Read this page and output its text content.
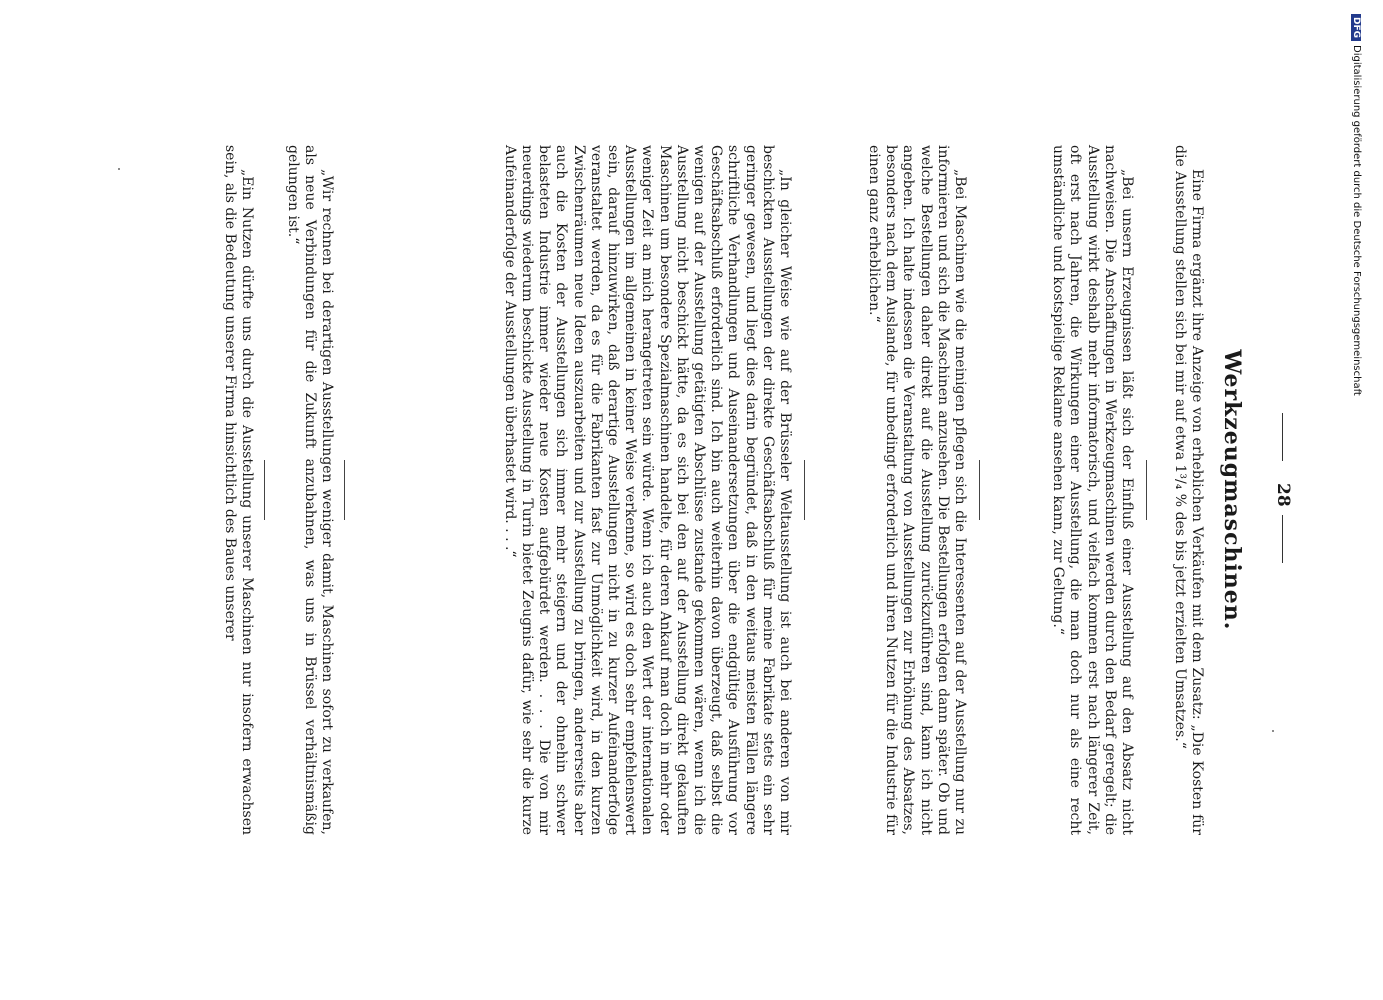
28
Werkzeugmaschinen.

Eine Firma ergänzt ihre Anzeige von erheblichen Verkäufen mit dem Zusatz: „Die Kosten für die Ausstellung stellen sich bei mir auf etwa 1³/₄ % des bis jetzt erzielten Umsatzes.“

„Bei unsern Erzeugnissen läßt sich der Einfluß einer Ausstellung auf den Absatz nicht nachweisen. Die Anschaffungen in Werkzeugmaschinen werden durch den Bedarf geregelt; die Ausstellung wirkt deshalb mehr informatorisch, und vielfach kommen erst nach längerer Zeit, oft erst nach Jahren, die Wirkungen einer Ausstellung, die man doch nur als eine recht umständliche und kostspielige Reklame ansehen kann, zur Geltung.“

„Bei Maschinen wie die meinigen pflegen sich die Interessenten auf der Ausstellung nur zu informieren und sich die Maschinen anzusehen. Die Bestellungen erfolgen dann später. Ob und welche Bestellungen daher direkt auf die Ausstellung zurückzuführen sind, kann ich nicht angeben. Ich halte indessen die Veranstaltung von Ausstellungen zur Erhöhung des Absatzes, besonders nach dem Auslande, für unbedingt erforderlich und ihren Nutzen für die Industrie für einen ganz erheblichen.“

„In gleicher Weise wie auf der Brüsseler Weltausstellung ist auch bei anderen von mir beschickten Ausstellungen der direkte Geschäftsabschluß für meine Fabrikate stets ein sehr geringer gewesen, und liegt dies darin begründet, daß in den weitaus meisten Fällen längere schriftliche Verhandlungen und Auseinandersetzungen über die endgültige Ausführung vor Geschäftsabschluß erforderlich sind. Ich bin auch weiterhin davon überzeugt, daß selbst die wenigen auf der Ausstellung getätigten Abschlüsse zustande gekommen wären, wenn ich die Ausstellung nicht beschickt hätte, da es sich bei den auf der Ausstellung direkt gekauften Maschinen um besondere Spezialmaschinen handelte, für deren Ankauf man doch in mehr oder weniger Zeit an mich herangetreten sein würde. Wenn ich auch den Wert der internationalen Ausstellungen im allgemeinen in keiner Weise verkenne, so wird es doch sehr empfehlenswert sein, darauf hinzuwirken, daß derartige Ausstellungen nicht in zu kurzer Aufeinanderfolge veranstaltet werden, da es für die Fabrikanten fast zur Unmöglichkeit wird, in den kurzen Zwischenräumen neue Ideen auszuarbeiten und zur Ausstellung zu bringen, andererseits aber auch die Kosten der Ausstellungen sich immer mehr steigern und der ohnehin schwer belasteten Industrie immer wieder neue Kosten aufgebürdet werden. . . . Die von mir neuerdings wiederum beschickte Ausstellung in Turin bietet Zeugnis dafür, wie sehr die kurze Aufeinanderfolge der Ausstellungen überhastet wird. . . .“

„Wir rechnen bei derartigen Ausstellungen weniger damit, Maschinen sofort zu verkaufen, als neue Verbindungen für die Zukunft anzubahnen, was uns in Brüssel verhältnismäßig gelungen ist.“

„Ein Nutzen dürfte uns durch die Ausstellung unserer Maschinen nur insofern erwachsen sein, als die Bedeutung unserer Firma hinsichtlich des Baues unserer

DFGDigitalisierung gefördert durch die Deutsche Forschungsgemeinschaft
